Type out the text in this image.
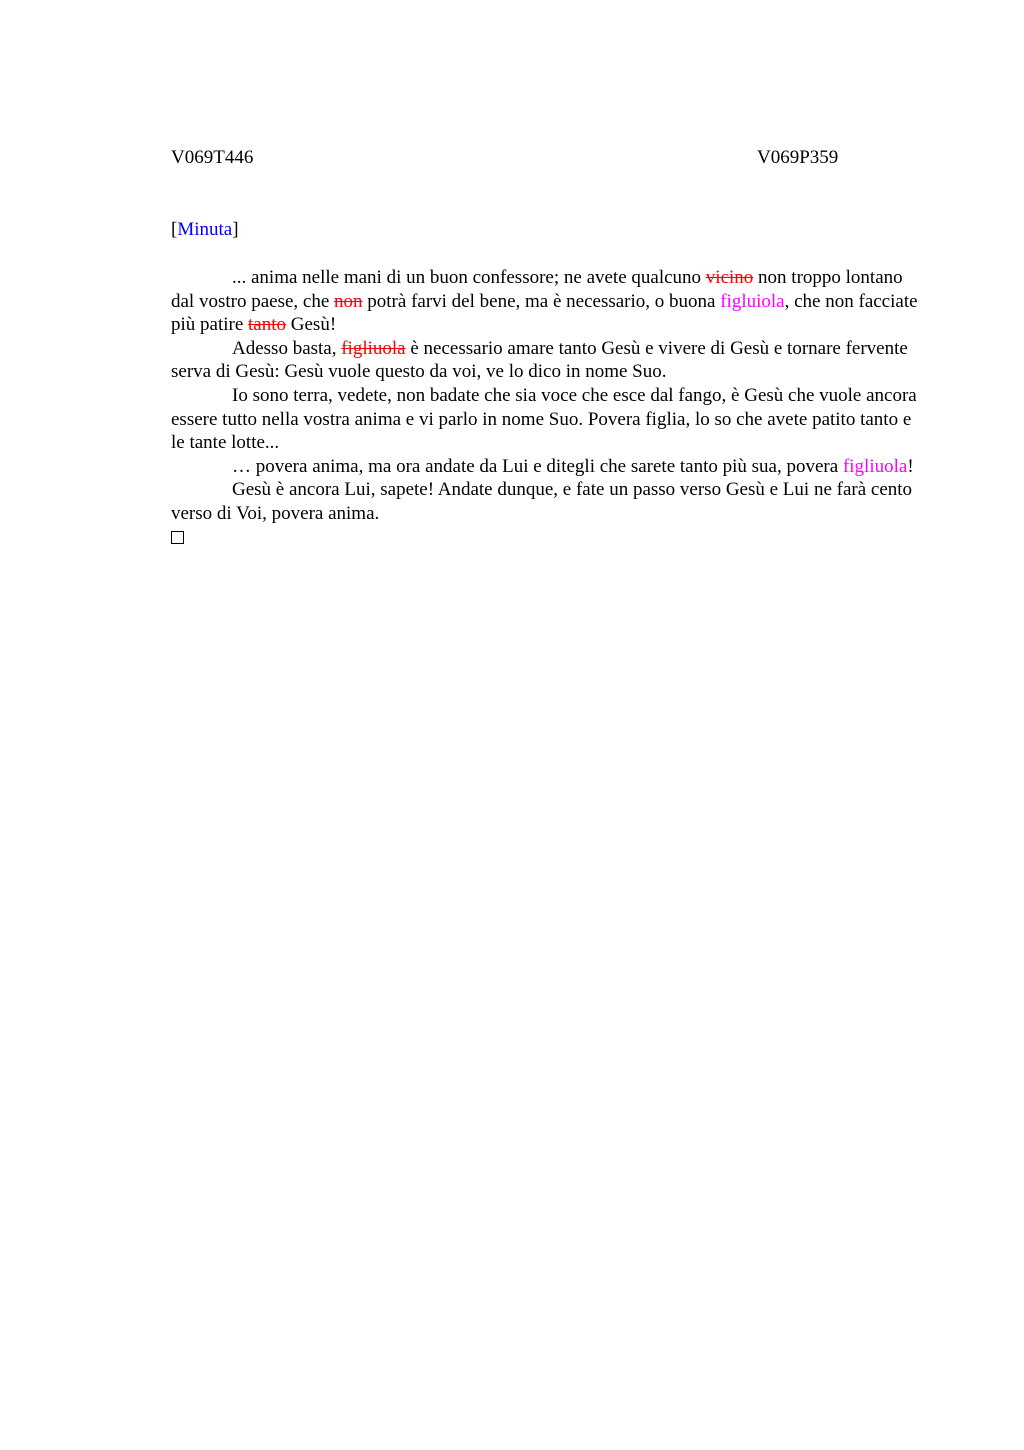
V069T446	V069P359
[Minuta]

... anima nelle mani di un buon confessore; ne avete qualcuno vicino non troppo lontano dal vostro paese, che non potrà farvi del bene, ma è necessario, o buona figluiola, che non facciate più patire tanto Gesù!

Adesso basta, figliuola è necessario amare tanto Gesù e vivere di Gesù e tornare fervente serva di Gesù: Gesù vuole questo da voi, ve lo dico in nome Suo.

Io sono terra, vedete, non badate che sia voce che esce dal fango, è Gesù che vuole ancora essere tutto nella vostra anima e vi parlo in nome Suo. Povera figlia, lo so che avete patito tanto e le tante lotte...

… povera anima, ma ora andate da Lui e ditegli che sarete tanto più sua, povera figliuola!

Gesù è ancora Lui, sapete! Andate dunque, e fate un passo verso Gesù e Lui ne farà cento verso di Voi, povera anima.
